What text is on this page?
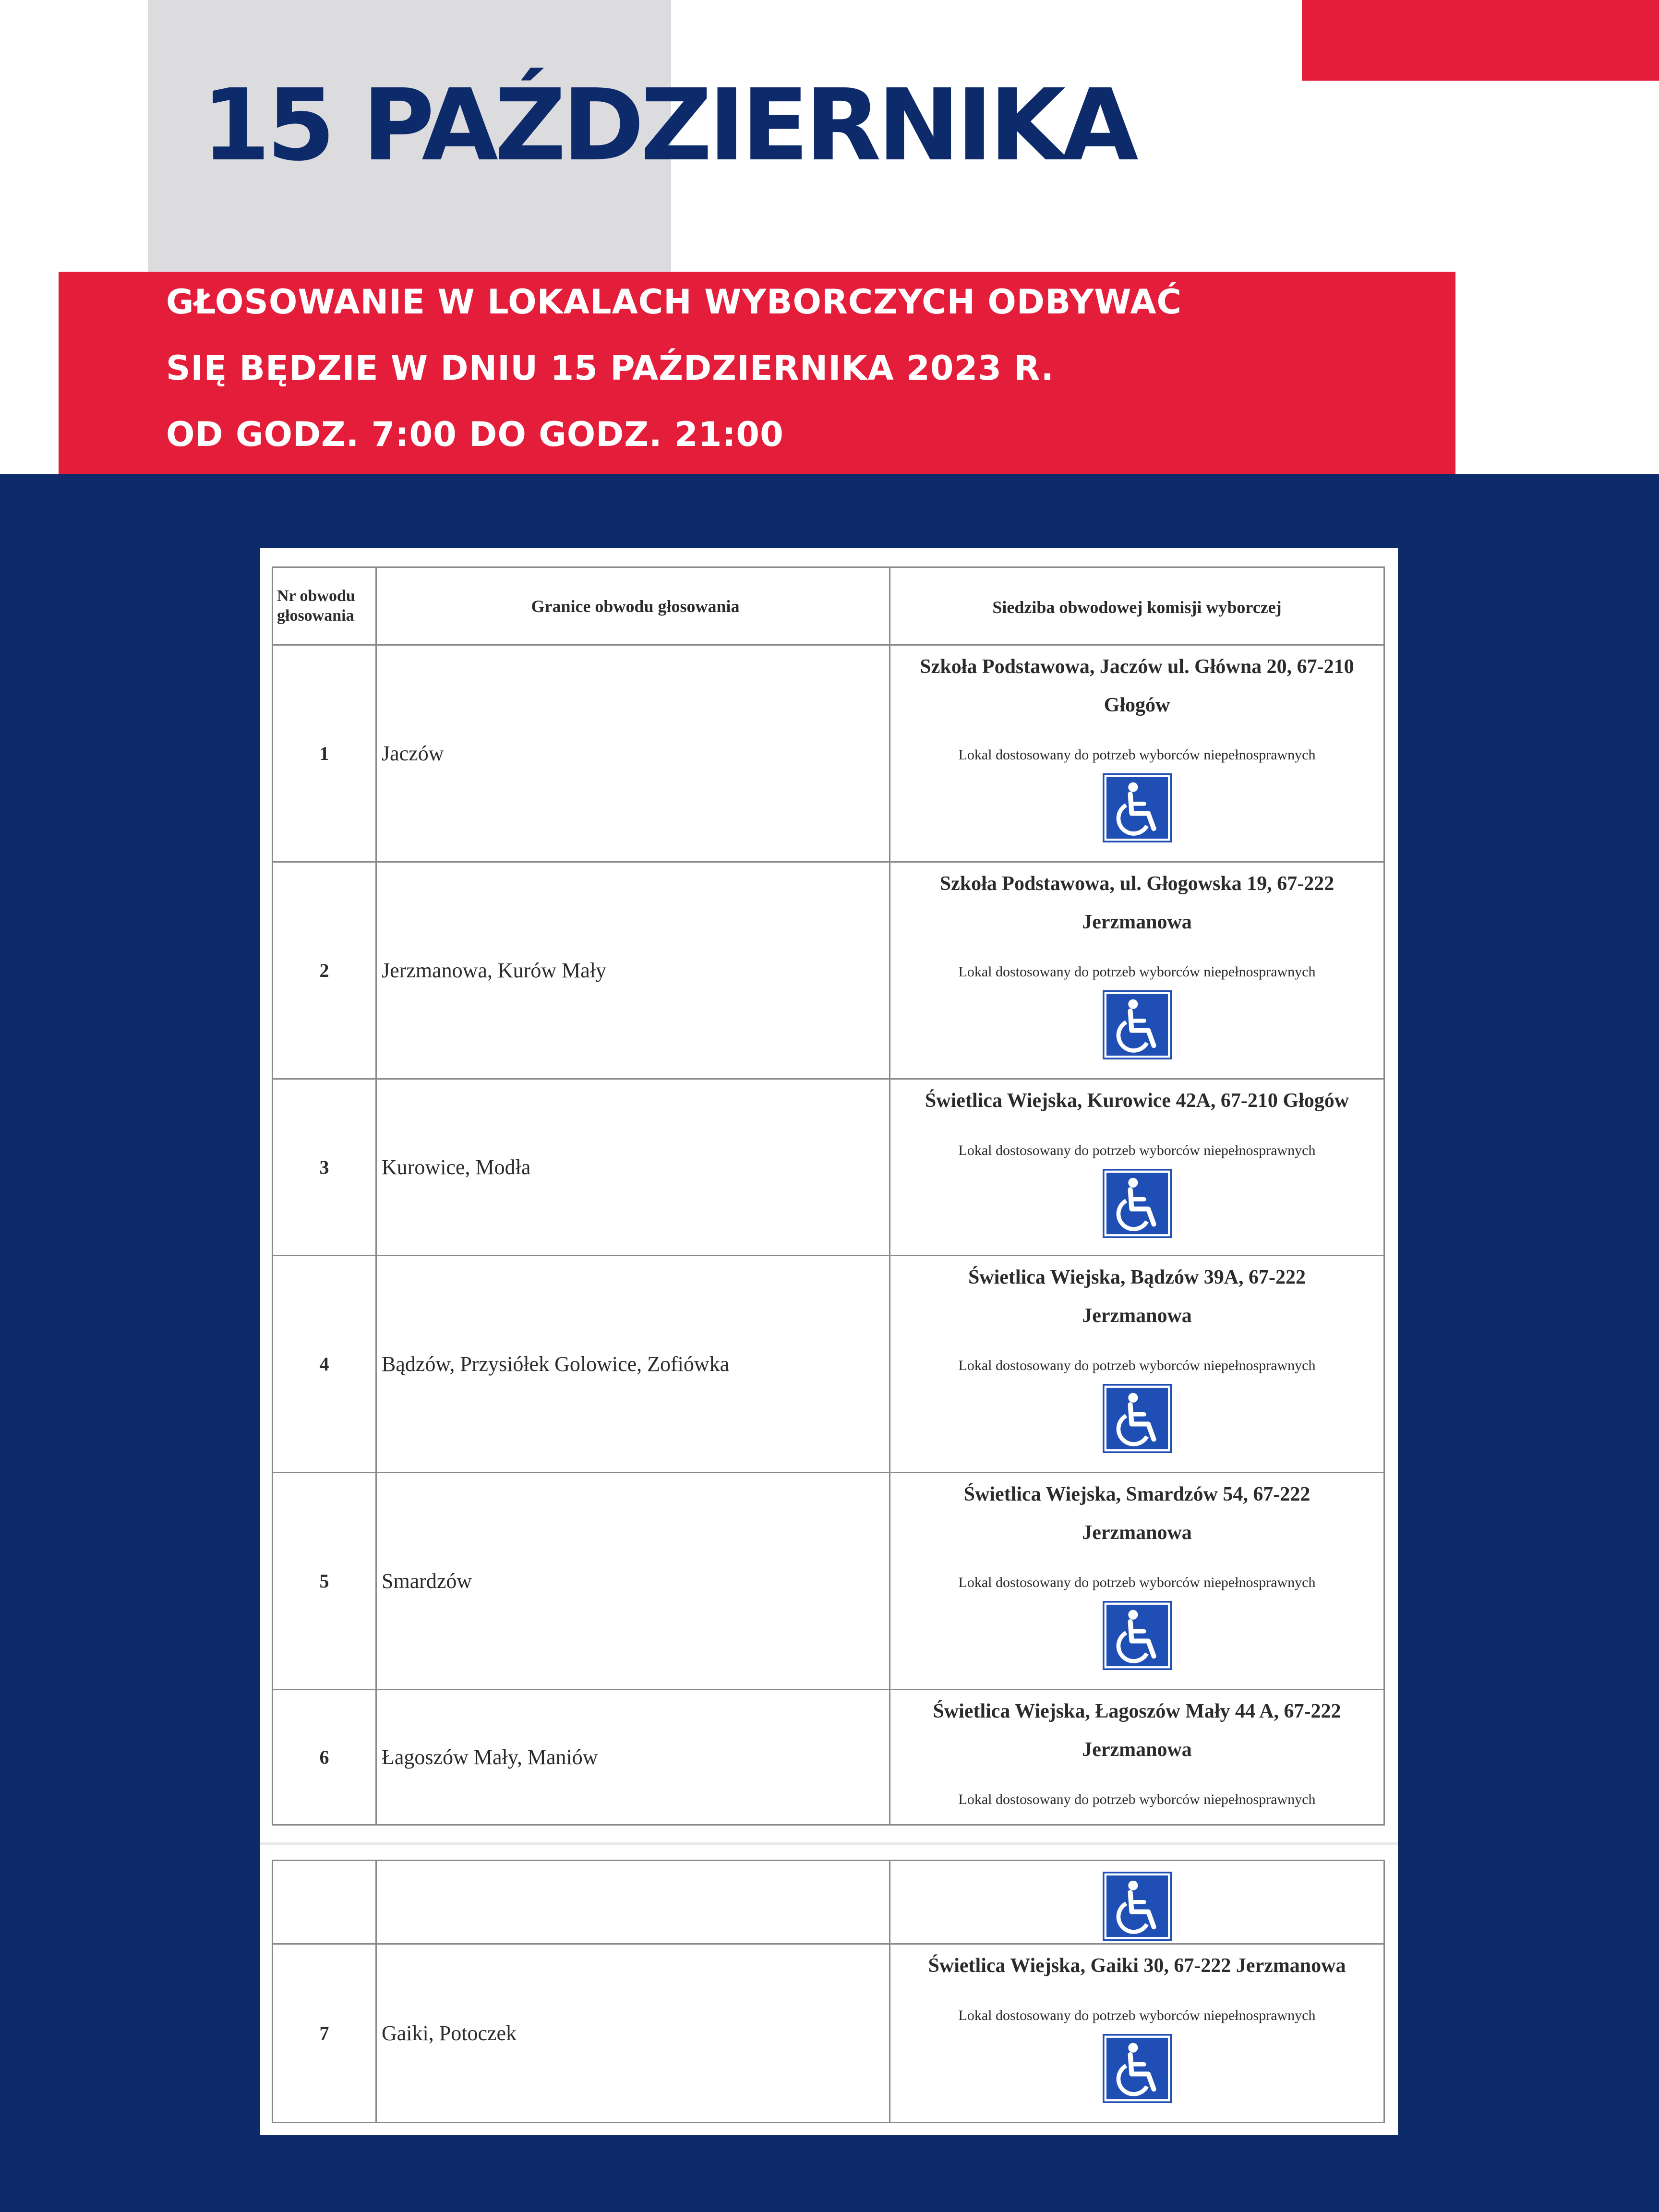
15 PAŹDZIERNIKA
GŁOSOWANIE W LOKALACH WYBORCZYCH ODBYWAĆ
SIĘ BĘDZIE W DNIU 15 PAŹDZIERNIKA 2023 R.
OD GODZ. 7:00 DO GODZ. 21:00
Nr obwodu głosowania	Granice obwodu głosowania	Siedziba obwodowej komisji wyborczej
1	Jaczów	Szkoła Podstawowa, Jaczów ul. Główna 20, 67-210
Głogów
Lokal dostosowany do potrzeb wyborców niepełnosprawnych

2	Jerzmanowa, Kurów Mały	Szkoła Podstawowa, ul. Głogowska 19, 67-222
Jerzmanowa
Lokal dostosowany do potrzeb wyborców niepełnosprawnych

3	Kurowice, Modła	Świetlica Wiejska, Kurowice 42A, 67-210 Głogów
Lokal dostosowany do potrzeb wyborców niepełnosprawnych

4	Bądzów, Przysiółek Golowice, Zofiówka	Świetlica Wiejska, Bądzów 39A, 67-222
Jerzmanowa
Lokal dostosowany do potrzeb wyborców niepełnosprawnych

5	Smardzów	Świetlica Wiejska, Smardzów 54, 67-222
Jerzmanowa
Lokal dostosowany do potrzeb wyborców niepełnosprawnych

6	Łagoszów Mały, Maniów	Świetlica Wiejska, Łagoszów Mały 44 A, 67-222
Jerzmanowa
Lokal dostosowany do potrzeb wyborców niepełnosprawnych

7	Gaiki, Potoczek	Świetlica Wiejska, Gaiki 30, 67-222 Jerzmanowa
Lokal dostosowany do potrzeb wyborców niepełnosprawnych
